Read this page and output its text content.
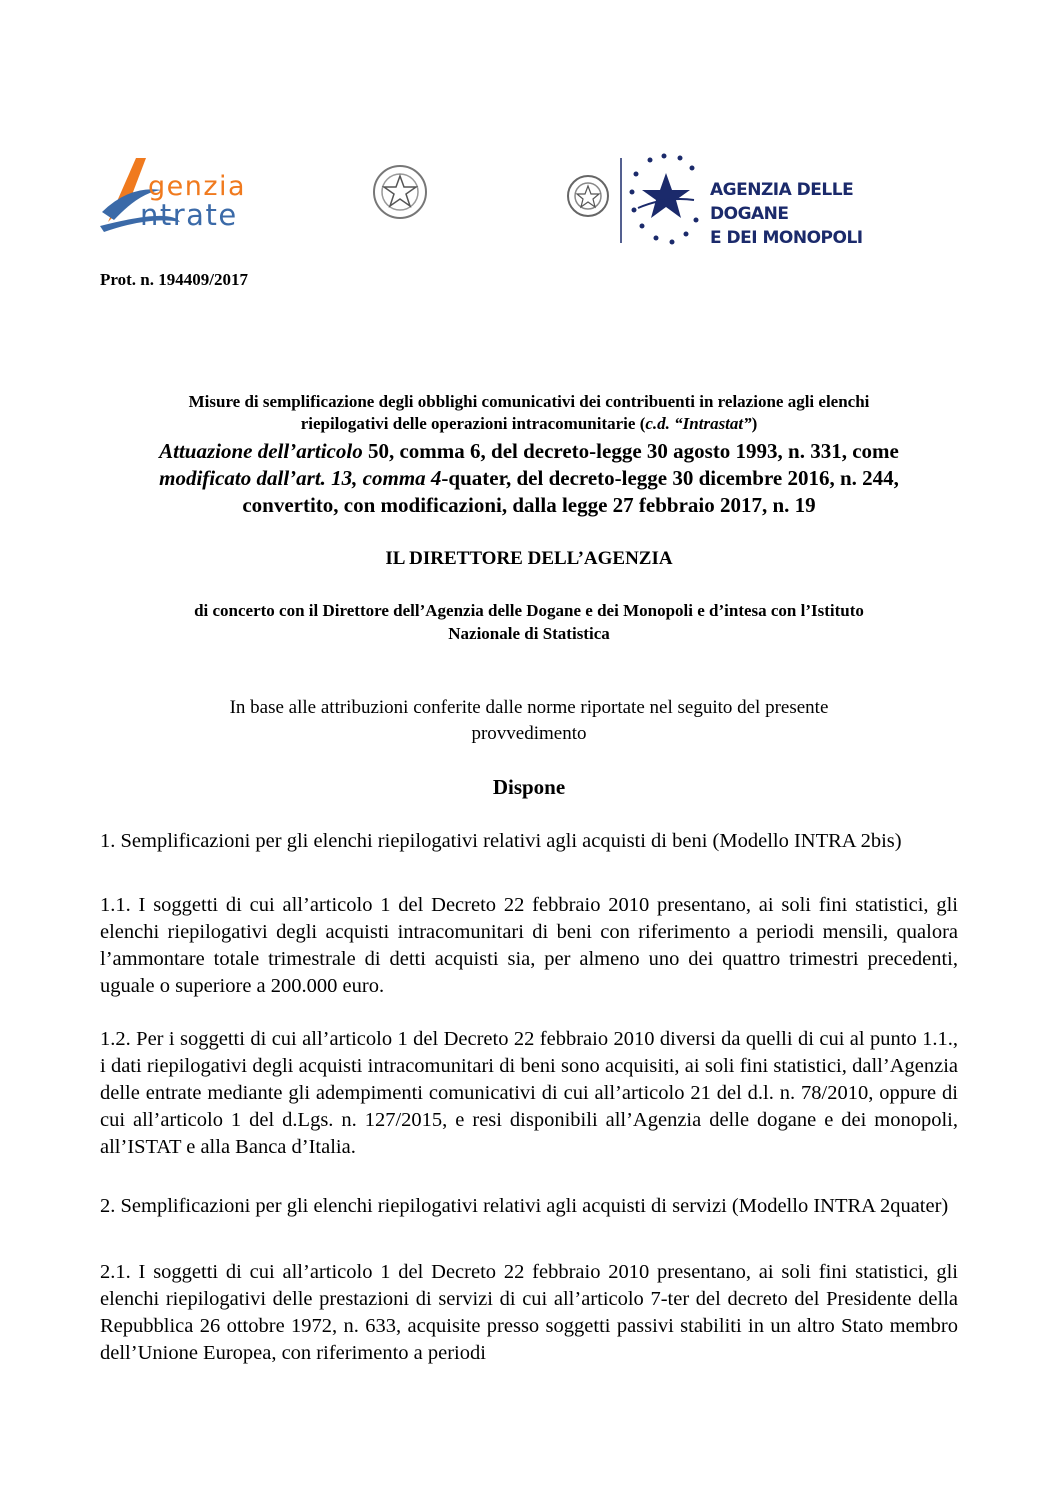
genzia
ntrate
AGENZIA DELLE DOGANE
E DEI MONOPOLI
Prot. n. 194409/2017
Misure di semplificazione degli obblighi comunicativi dei contribuenti in relazione agli elenchi
riepilogativi delle operazioni intracomunitarie (c.d. “Intrastat”)
Attuazione dell’articolo 50, comma 6, del decreto-legge 30 agosto 1993, n. 331, come
modificato dall’art. 13, comma 4-quater, del decreto-legge 30 dicembre 2016, n. 244,
convertito, con modificazioni, dalla legge 27 febbraio 2017, n. 19
IL DIRETTORE DELL’AGENZIA
di concerto con il Direttore dell’Agenzia delle Dogane e dei Monopoli e d’intesa con l’Istituto
Nazionale di Statistica
In base alle attribuzioni conferite dalle norme riportate nel seguito del presente
provvedimento
Dispone
1. Semplificazioni per gli elenchi riepilogativi relativi agli acquisti di beni (Modello INTRA 2bis)
1.1. I soggetti di cui all’articolo 1 del Decreto 22 febbraio 2010 presentano, ai soli fini statistici, gli elenchi riepilogativi degli acquisti intracomunitari di beni con riferimento a periodi mensili, qualora l’ammontare totale trimestrale di detti acquisti sia, per almeno uno dei quattro trimestri precedenti, uguale o superiore a 200.000 euro.
1.2. Per i soggetti di cui all’articolo 1 del Decreto 22 febbraio 2010 diversi da quelli di cui al punto 1.1., i dati riepilogativi degli acquisti intracomunitari di beni sono acquisiti, ai soli fini statistici, dall’Agenzia delle entrate mediante gli adempimenti comunicativi di cui all’articolo 21 del d.l. n. 78/2010, oppure di cui all’articolo 1 del d.Lgs. n. 127/2015, e resi disponibili all’Agenzia delle dogane e dei monopoli, all’ISTAT e alla Banca d’Italia.
2. Semplificazioni per gli elenchi riepilogativi relativi agli acquisti di servizi (Modello INTRA 2quater)
2.1. I soggetti di cui all’articolo 1 del Decreto 22 febbraio 2010 presentano, ai soli fini statistici, gli elenchi riepilogativi delle prestazioni di servizi di cui all’articolo 7-ter del decreto del Presidente della Repubblica 26 ottobre 1972, n. 633, acquisite presso soggetti passivi stabiliti in un altro Stato membro dell’Unione Europea, con riferimento a periodi
